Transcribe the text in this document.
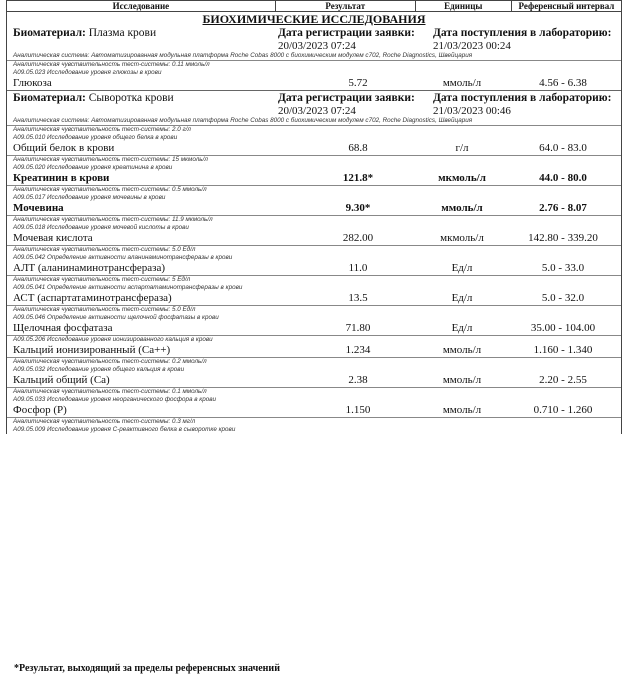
Исследование	Результат	Единицы	Референсный интервал
БИОХИМИЧЕСКИЕ ИССЛЕДОВАНИЯ
Биоматериал: Плазма крови	Дата регистрации заявки:
20/03/2023 07:24
Дата поступления в лабораторию:
21/03/2023 00:24
Аналитическая система: Автоматизированная модульная платформа Roche Cobas 8000 с биохимическим модулем c702, Roche Diagnostics, Швейцария
Аналитическая чувствительность тест-системы: 0.11 ммоль/л
A09.05.023 Исследование уровня глюкозы в крови
Глюкоза	5.72	ммоль/л	4.56 - 6.38
Биоматериал: Сыворотка крови	Дата регистрации заявки:
20/03/2023 07:24
Дата поступления в лабораторию:
21/03/2023 00:46
Аналитическая система: Автоматизированная модульная платформа Roche Cobas 8000 с биохимическим модулем c702, Roche Diagnostics, Швейцария
Аналитическая чувствительность тест-системы: 2.0 г/л
A09.05.010 Исследование уровня общего белка в крови
Общий белок в крови	68.8	г/л	64.0 - 83.0
Аналитическая чувствительность тест-системы: 15 мкмоль/л
A09.05.020 Исследование уровня креатинина в крови
Креатинин в крови	121.8*	мкмоль/л	44.0 - 80.0
Аналитическая чувствительность тест-системы: 0.5 ммоль/л
A09.05.017 Исследование уровня мочевины в крови
Мочевина	9.30*	ммоль/л	2.76 - 8.07
Аналитическая чувствительность тест-системы: 11.9 мкмоль/л
A09.05.018 Исследование уровня мочевой кислоты в крови
Мочевая кислота	282.00	мкмоль/л	142.80 - 339.20
Аналитическая чувствительность тест-системы: 5.0 Ед/л
A09.05.042 Определение активности аланинаминотрансферазы в крови
АЛТ (аланинаминотрансфераза)	11.0	Ед/л	5.0 - 33.0
Аналитическая чувствительность тест-системы: 5 Ед/л
A09.05.041 Определение активности аспартатаминотрансферазы в крови
АСТ (аспартатаминотрансфераза)	13.5	Ед/л	5.0 - 32.0
Аналитическая чувствительность тест-системы: 5.0 Ед/л
A09.05.046 Определение активности щелочной фосфатазы в крови
Щелочная фосфатаза	71.80	Ед/л	35.00 - 104.00
A09.05.206 Исследование уровня ионизированного кальция в крови
Кальций ионизированный (Ca++)	1.234	ммоль/л	1.160 - 1.340
Аналитическая чувствительность тест-системы: 0.2 ммоль/л
A09.05.032 Исследование уровня общего кальция в крови
Кальций общий (Ca)	2.38	ммоль/л	2.20 - 2.55
Аналитическая чувствительность тест-системы: 0.1 ммоль/л
A09.05.033 Исследование уровня неорганического фосфора в крови
Фосфор (P)	1.150	ммоль/л	0.710 - 1.260
Аналитическая чувствительность тест-системы: 0.3 мг/л
A09.05.009 Исследование уровня C-реактивного белка в сыворотке крови
*Результат, выходящий за пределы референсных значений
